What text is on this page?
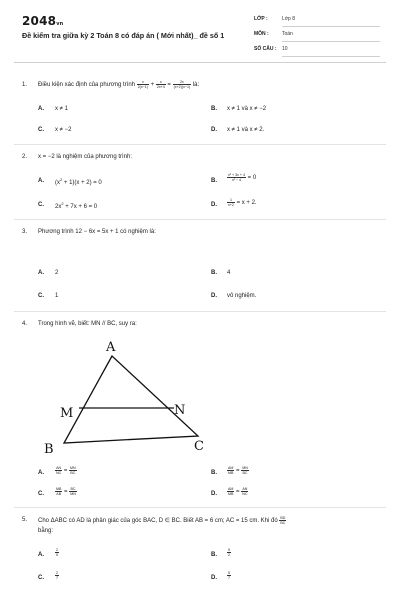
2048vn
Đề kiểm tra giữa kỳ 2 Toán 8 có đáp án ( Mới nhất)_ đề số 1
LỚP :	Lớp 8
MÔN :	Toán
SỐ CÂU : 10
1. Điều kiện xác định của phương trình $\frac{x}{2(x-1)} + \frac{x}{2x+4} = \frac{2x}{(x+2)(x-1)}$ là:
A. x ≠ 1	B. x ≠ 1 và x ≠ −2
C. x ≠ −2	D. x ≠ 1 và x ≠ 2.
2. x = −2 là nghiệm của phương trình:
A. $(x^2 + 1)(x + 2) = 0$	B.	$\frac{\text{x² + 3x + 4}}{\text{x² − 4}} = 0$
C. $2x^2 + 7x + 6 = 0$	D.	$\frac{1}{x+2} = x + 2$.
3. Phương trình 12 − 6x = 5x + 1 có nghiệm là:
A. 2	B. 4
C. 1	D. vô nghiệm.
4. Trong hình vẽ, biết: MN // BC, suy ra:
A
M	N
B	C
A.	$\frac{AN}{NC} = \frac{MN}{BC}$	B.	$\frac{AM}{MB} = \frac{MN}{BC}$
C.	$\frac{MB}{AB} = \frac{BC}{MN}$	D.	$\frac{AM}{MB} = \frac{AN}{NC}$
5. Cho ΔABC có AD là phân giác của góc BAC, D ∈ BC. Biết AB = 6 cm; AC = 15 cm. Khi đó $\frac{BD}{BC}$

bằng:
A.	$\frac{2}{5}$	B.	$\frac{5}{2}$
C.	$\frac{2}{7}$	D.	$\frac{5}{7}$
